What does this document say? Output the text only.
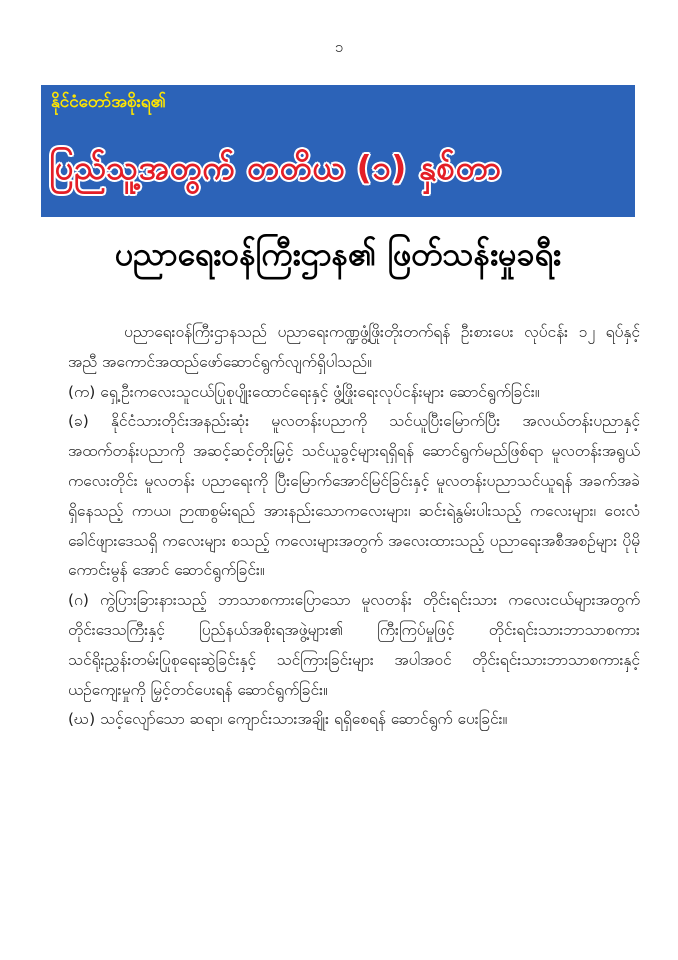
၁
နိုင်ငံတော်အစိုးရ၏
ပြည်သူ့အတွက် တတိယ (၁) နှစ်တာ
ပညာရေးဝန်ကြီးဌာန၏ ဖြတ်သန်းမှုခရီး

ပညာရေးဝန်ကြီးဌာနသည် ပညာရေးကဏ္ဍဖွံ့ဖြိုးတိုးတက်ရန် ဦးစားပေး လုပ်ငန်း ၁၂ ရပ်နှင့်အညီ အကောင်အထည်ဖော်ဆောင်ရွက်လျက်ရှိပါသည်။

(က) ရှေ့ဦးကလေးသူငယ်ပြုစုပျိုးထောင်ရေးနှင့် ဖွံ့ဖြိုးရေးလုပ်ငန်းများ ဆောင်ရွက်ခြင်း။

(ခ) နိုင်ငံသားတိုင်းအနည်းဆုံး မူလတန်းပညာကို သင်ယူပြီးမြောက်ပြီး အလယ်တန်းပညာနှင့် အထက်တန်းပညာကို အဆင့်ဆင့်တိုးမြှင့် သင်ယူခွင့်များရရှိရန် ဆောင်ရွက်မည်ဖြစ်ရာ မူလတန်းအရွယ်ကလေးတိုင်း မူလတန်း ပညာရေးကို ပြီးမြောက်အောင်မြင်ခြင်းနှင့် မူလတန်းပညာသင်ယူရန် အခက်အခဲရှိနေသည့် ကာယ၊ ဉာဏစွမ်းရည် အားနည်းသောကလေးများ၊ ဆင်းရဲနွမ်းပါးသည့် ကလေးများ၊ ဝေးလံခေါင်ဖျားဒေသရှိ ကလေးများ စသည့် ကလေးများအတွက် အလေးထားသည့် ပညာရေးအစီအစဉ်များ ပိုမိုကောင်းမွန် အောင် ဆောင်ရွက်ခြင်း။

(ဂ) ကွဲပြားခြားနားသည့် ဘာသာစကားပြောသော မူလတန်း တိုင်းရင်းသား ကလေးငယ်များအတွက် တိုင်းဒေသကြီးနှင့် ပြည်နယ်အစိုးရအဖွဲ့များ၏ ကြီးကြပ်မှုဖြင့် တိုင်းရင်းသားဘာသာစကား သင်ရိုးညွှန်းတမ်းပြုစုရေးဆွဲခြင်းနှင့် သင်ကြားခြင်းများ အပါအဝင် တိုင်းရင်းသားဘာသာစကားနှင့် ယဉ်ကျေးမှုကို မြှင့်တင်ပေးရန် ဆောင်ရွက်ခြင်း။

(ဃ) သင့်လျော်သော ဆရာ၊ ကျောင်းသားအချိုး ရရှိစေရန် ဆောင်ရွက် ပေးခြင်း။
